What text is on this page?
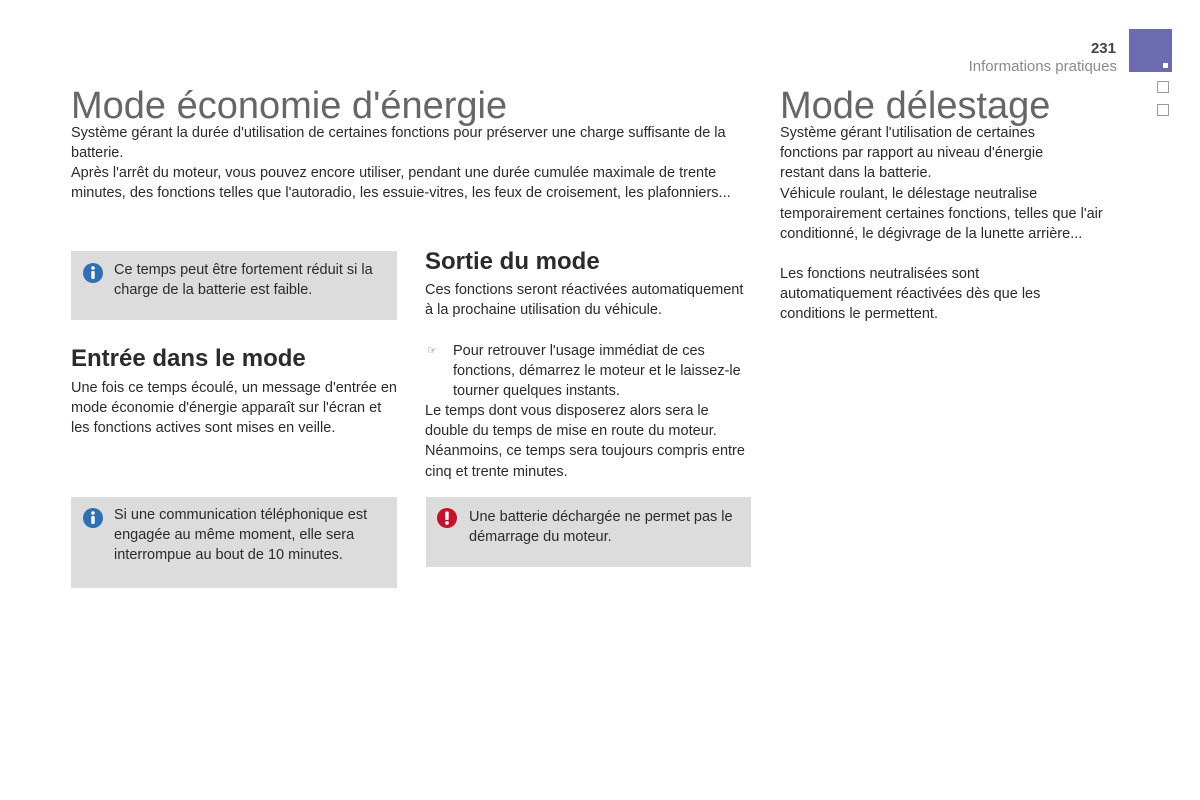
231
Informations pratiques
Mode économie d'énergie

Système gérant la durée d'utilisation de certaines fonctions pour préserver une charge suffisante de la batterie.

Après l'arrêt du moteur, vous pouvez encore utiliser, pendant une durée cumulée maximale de trente minutes, des fonctions telles que l'autoradio, les essuie-vitres, les feux de croisement, les plafonniers...

Ce temps peut être fortement réduit si la charge de la batterie est faible.

Entrée dans le mode

Une fois ce temps écoulé, un message d'entrée en mode économie d'énergie apparaît sur l'écran et les fonctions actives sont mises en veille.

Si une communication téléphonique est engagée au même moment, elle sera interrompue au bout de 10 minutes.

Sortie du mode

Ces fonctions seront réactivées automatiquement à la prochaine utilisation du véhicule.

☞ Pour retrouver l'usage immédiat de ces fonctions, démarrez le moteur et le laissez-le tourner quelques instants.

Le temps dont vous disposerez alors sera le double du temps de mise en route du moteur. Néanmoins, ce temps sera toujours compris entre cinq et trente minutes.

Une batterie déchargée ne permet pas le démarrage du moteur.

Mode délestage

Système gérant l'utilisation de certaines fonctions par rapport au niveau d'énergie restant dans la batterie.

Véhicule roulant, le délestage neutralise temporairement certaines fonctions, telles que l'air conditionné, le dégivrage de la lunette arrière...

Les fonctions neutralisées sont automatiquement réactivées dès que les conditions le permettent.
